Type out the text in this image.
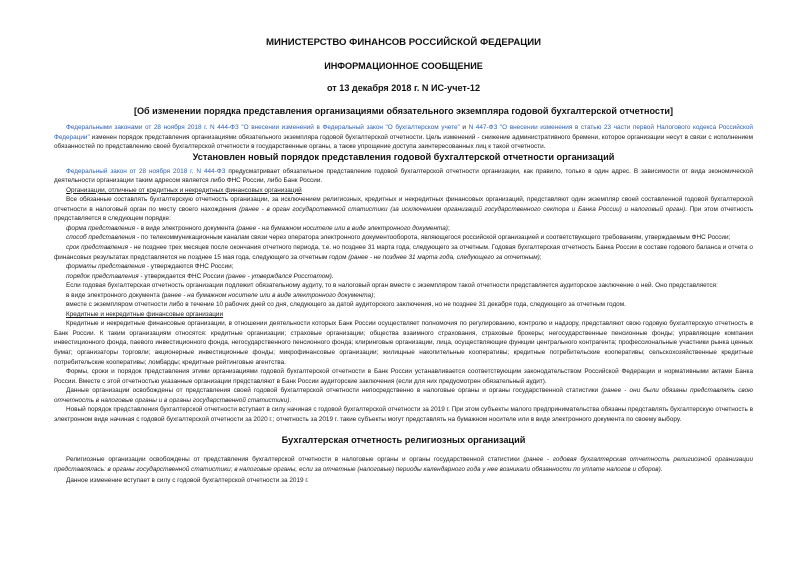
МИНИСТЕРСТВО ФИНАНСОВ РОССИЙСКОЙ ФЕДЕРАЦИИ
ИНФОРМАЦИОННОЕ СООБЩЕНИЕ
от 13 декабря 2018 г. N ИС-учет-12
[Об изменении порядка представления организациями обязательного экземпляра годовой бухгалтерской отчетности]

Федеральными законами от 28 ноября 2018 г. N 444-ФЗ "О внесении изменений в Федеральный закон "О бухгалтерском учете" и N 447-ФЗ "О внесении изменения в статью 23 части первой Налогового кодекса Российской Федерации" изменен порядок представления организациями обязательного экземпляра годовой бухгалтерской отчетности. Цель изменений - снижение административного бремени, которое организации несут в связи с исполнением обязанностей по представлению своей бухгалтерской отчетности в государственные органы, а также упрощение доступа заинтересованных лиц к такой отчетности.

Установлен новый порядок представления годовой бухгалтерской отчетности организаций

Федеральный закон от 28 ноября 2018 г. N 444-ФЗ предусматривает обязательное представление годовой бухгалтерской отчетности организации, как правило, только в один адрес. В зависимости от вида экономической деятельности организации таким адресом является либо ФНС России, либо Банк России.

Организации, отличные от кредитных и некредитных финансовых организаций

Все обязанные составлять бухгалтерскую отчетность организации, за исключением религиозных, кредитных и некредитных финансовых организаций, представляют один экземпляр своей составленной годовой бухгалтерской отчетности в налоговый орган по месту своего нахождения (ранее - в орган государственной статистики (за исключением организаций государственного сектора и Банка России) и налоговый орган). При этом отчетность представляется в следующем порядке:

форма представления - в виде электронного документа (ранее - на бумажном носителе или в виде электронного документа);

способ представления - по телекоммуникационным каналам связи через оператора электронного документооборота, являющегося российской организацией и соответствующего требованиям, утверждаемым ФНС России;

срок представления - не позднее трех месяцев после окончания отчетного периода, т.е. но позднее 31 марта года, следующего за отчетным. Годовая бухгалтерская отчетность Банка России в составе годового баланса и отчета о финансовых результатах представляется не позднее 15 мая года, следующего за отчетным годом (ранее - не позднее 31 марта года, следующего за отчетным);

форматы представления - утверждаются ФНС России;

порядок представления - утверждается ФНС России (ранее - утверждался Росстатом).

Если годовая бухгалтерская отчетность организации подлежит обязательному аудиту, то в налоговый орган вместе с экземпляром такой отчетности представляется аудиторское заключение о ней. Оно представляется:

в виде электронного документа (ранее - на бумажном носителе или в виде электронного документа);

вместе с экземпляром отчетности либо в течение 10 рабочих дней со дня, следующего за датой аудиторского заключения, но не позднее 31 декабря года, следующего за отчетным годом.

Кредитные и некредитные финансовые организации

Кредитные и некредитные финансовые организации, в отношении деятельности которых Банк России осуществляет полномочия по регулированию, контролю и надзору, представляют свою годовую бухгалтерскую отчетность в Банк России. К таким организациям относятся: кредитные организации; страховые организации; общества взаимного страхования, страховые брокеры; негосударственные пенсионные фонды; управляющие компании инвестиционного фонда, паевого инвестиционного фонда, негосударственного пенсионного фонда; клиринговые организации, лица, осуществляющие функции центрального контрагента; профессиональные участники рынка ценных бумаг; организаторы торговли; акционерные инвестиционные фонды; микрофинансовые организации; жилищные накопительные кооперативы; кредитные потребительские кооперативы; сельскохозяйственные кредитные потребительские кооперативы; ломбарды; кредитные рейтинговые агентства.

Формы, сроки и порядок представления этими организациями годовой бухгалтерской отчетности в Банк России устанавливается соответствующим законодательством Российской Федерации и нормативными актами Банка России. Вместе с этой отчетностью указанные организации представляют в Банк России аудиторские заключения (если для них предусмотрен обязательный аудит).

Данные организации освобождены от представления своей годовой бухгалтерской отчетности непосредственно в налоговые органы и органы государственной статистики (ранее - они были обязаны представлять свою отчетность в налоговые органы и в органы государственной статистики).

Новый порядок представления бухгалтерской отчетности вступает в силу начиная с годовой бухгалтерской отчетности за 2019 г. При этом субъекты малого предпринимательства обязаны представлять бухгалтерскую отчетность в электронном виде начиная с годовой бухгалтерской отчетности за 2020 г.; отчетность за 2019 г. такие субъекты могут представлять на бумажном носителе или в виде электронного документа по своему выбору.

Бухгалтерская отчетность религиозных организаций

Религиозные организации освобождены от представления бухгалтерской отчетности в налоговые органы и органы государственной статистики (ранее - годовая бухгалтерская отчетность религиозной организации представлялась: в органы государственной статистики; в налоговые органы, если за отчетные (налоговые) периоды календарного года у нее возникали обязанности по уплате налогов и сборов).

Данное изменение вступает в силу с годовой бухгалтерской отчетности за 2019 г.
